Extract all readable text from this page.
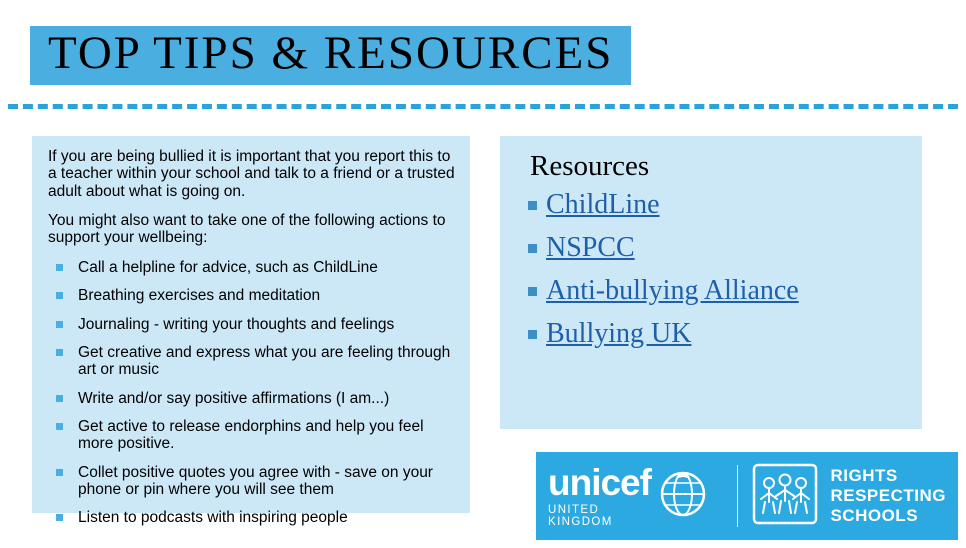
TOP TIPS & RESOURCES

If you are being bullied it is important that you report this to a teacher within your school and talk to a friend or a trusted adult about what is going on.

You might also want to take one of the following actions to support your wellbeing:

Call a helpline for advice, such as ChildLine
Breathing exercises and meditation
Journaling - writing your thoughts and feelings
Get creative and express what you are feeling through art or music
Write and/or say positive affirmations (I am...)
Get active to release endorphins and help you feel more positive.
Collet positive quotes you agree with - save on your phone or pin where you will see them
Listen to podcasts with inspiring people
Resources
ChildLine
NSPCC
Anti-bullying Alliance
Bullying UK
unicef
UNITED KINGDOM
RIGHTS
RESPECTING
SCHOOLS
